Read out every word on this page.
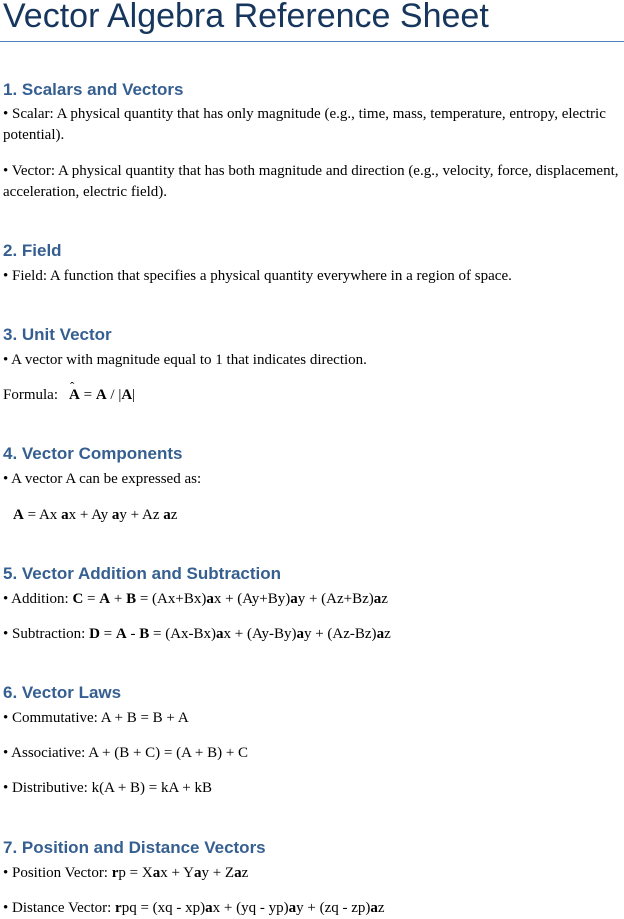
Vector Algebra Reference Sheet
1. Scalars and Vectors

• Scalar: A physical quantity that has only magnitude (e.g., time, mass, temperature, entropy, electric potential).

• Vector: A physical quantity that has both magnitude and direction (e.g., velocity, force, displacement, acceleration, electric field).

2. Field

• Field: A function that specifies a physical quantity everywhere in a region of space.

3. Unit Vector

• A vector with magnitude equal to 1 that indicates direction.

Formula:ˆ A = A / |A|

4. Vector Components

• A vector A can be expressed as:

A = Ax ax + Ay ay + Az az

5. Vector Addition and Subtraction

• Addition: C = A + B = (Ax+Bx)ax + (Ay+By)ay + (Az+Bz)az

• Subtraction: D = A - B = (Ax-Bx)ax + (Ay-By)ay + (Az-Bz)az

6. Vector Laws

• Commutative: A + B = B + A

• Associative: A + (B + C) = (A + B) + C

• Distributive: k(A + B) = kA + kB

7. Position and Distance Vectors

• Position Vector: rp = Xax + Yay + Zaz

• Distance Vector: rpq = (xq - xp)ax + (yq - yp)ay + (zq - zp)az
